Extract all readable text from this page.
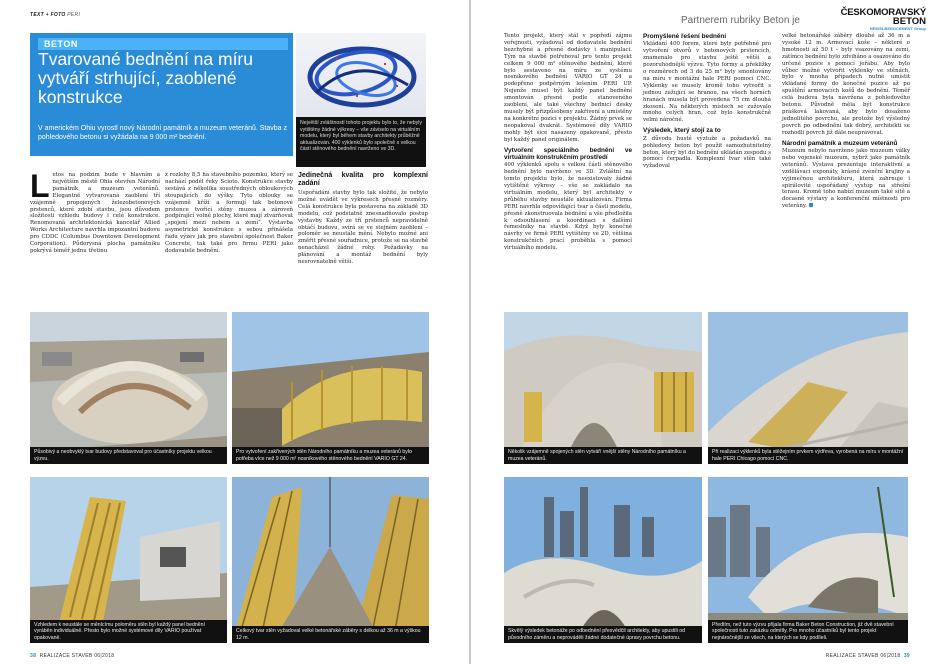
TEXT + FOTO PERI
BETON
Tvarované bednění na míru vytváří strhující, zaoblené konstrukce

V americkém Ohiu vyrostl nový Národní památník a muzeum veteránů. Stavba z pohledového betonu si vyžádala na 9 000 m² bednění.

Největší zvláštností tohoto projektu bylo to, že nebyly vytištěny žádné výkresy – vše záviselo na virtuálním modelu, který byl během stavby architekty průběžně aktualizován. 400 výklenků bylo společně s velkou částí stěnového bednění navrženo ve 3D.
Letos na podzim bude v hlavním a největším městě Ohia otevřen Národní památník a muzeum veteránů. Elegantně vytvarovaná zaoblení tří vzájemně propojených železobetonových prstenců, které zdobí stavbu, jsou důvodem složitosti vzhledu budovy i celé konstrukce. Renomovaná architektonická kancelář Allied Works Architecture navrhla impozantní budovu pro CDDC (Columbus Downtown Development Corporation). Půdorysná plocha památníku pokrývá téměř jednu třetinu
z rozlohy 8,5 ha stavebního pozemku, který se nachází podél řeky Scioto. Konstrukce stavby sestává z několika soustředných obloukových stoupajících do výšky. Tyto oblouky se vzájemně kříží a formují tak betonové prstence tvořící stěny muzea a zároveň podpírající volně plochy, které mají ztvárňovat „spojení mezi nebem a zemí“. Výstavba asymetrické konstrukce s sebou přinášela řadu výzev jak pro stavební společnost Baker Concrete, tak také pro firmu PERI jako dodavatele bednění.
Jedinečná kvalita pro komplexní zadání
Uspořádání stavby bylo tak složité, že nebylo možné uvádět ve výkresech přesné rozměry. Celá konstrukce byla postavena na základě 3D modelu, což podstatně znesnadňovalo postup výstavby. Každý ze tří prstenců nepravidelně obtáčí budovu, svírá se ve stejném zaoblení – poloměr se neustále mění. Nebylo možné ani změřit přesné souřadnice, protože se na stavbě nenacházel žádné rohy. Požadavky na plánování a montáž bednění byly nesrovnatelně větší.
Působivý a neobvyklý tvar budovy představoval pro účastníky projektu velkou výzvu.
Pro vytvoření zakřivených stěn Národního památníku a muzea veteránů bylo potřeba více než 9 000 m² nosníkového stěnového bednění VARIO GT 24.
Vzhledem k neustále se měnícímu poloměru stěn byl každý panel bednění vyráběn individuálně. Přesto bylo možné systémové díly VARIO používat opakovaně.
Celkový tvar stěn vyžadoval velké betonářské záběry s délkou až 36 m a výškou 12 m.
38 REALIZACE STAVEB 06|2018
Partnerem rubriky Beton je
ČESKOMORAVSKÝ
BETON
HEIDELBERGCEMENT Group
Tento projekt, který stál v popředí zájmu veřejnosti, vyžadoval od dodavatele bednění bezchybné a přesné dodávky i manipulaci. Tým na stavbě potřeboval pro tento projekt celkem 9 000 m² stěnového bednění, které bylo sestaveno na míru ze systému nosníkového bednění VARIO GT 24 a podepřeno podpěrným lešením PERI UP. Nejenže musel být každý panel bednění smontován přesně podle stanoveného zaoblení, ale také všechny bednicí desky musely být přizpůsobeny zakřivení a umístěny na konkrétní pozici v projektu. Žádný prvek se neopakoval dvakrát. Systémové díly VARIO mohly být sice nasazeny opakovaně, přesto byl každý panel originálem.
Vytvoření speciálního bednění ve virtuálním konstrukčním prostředí
400 výklenků spolu s velkou částí stěnového bednění bylo navrženo ve 3D. Zvláštní na tomto projektu bylo, že neexistovaly žádné vytištěné výkresy – vše se zakládalo na virtuálním modelu, který byl architekty v průběhu stavby neustále aktualizován. Firma PERI navrhla odpovídající tvar a části modelu, přesně zkonstruovala bednění a vše předložila k odsouhlasení a koordinaci s dalšími řemeslníky na stavbě. Když byly konečné návrhy ve firmě PERI vytištěny ve 2D, většina konstrukčních prací proběhla s pomocí virtuálního modelu.
Promyšlené řešení bednění
Vkládání 400 forem, které byly potřebné pro vytvoření otvorů v betonových prstencích, znamenalo pro stavbu ještě větší a pozoruhodnější výzvu. Tyto formy a překližky o rozměrech od 3 do 25 m² byly smontovány na míru v montážní hale PERI pomocí CNC. Výklenky se musely kromě toho vytvořit s jednou zužující se hranou, na všech horních hranách musela být provedena 75 cm dlouhá zkosení. Na některých místech se zužovalo mnoho celých hran, což bylo konstrukčně velmi náročné.
Výsledek, který stojí za to
Z důvodu husté výztuže a požadavků na pohledový beton byl použit samozhutnitelný beton, který byl do bednění ukládán zespodu s pomocí čerpadla. Komplexní tvar stěn také vyžadoval
velké betonářské záběry dlouhé až 36 m a vysoké 12 m. Armovací koše – některé o hmotnosti až 50 t – byly vsazovány na zemi, zatímco bednění bylo zdviháno a osazováno do určené pozice s pomocí jeřábu. Aby bylo vůbec možné vytvořit výklenky ve stěnách, bylo v mnoha případech nutné umístit vkládané formy do konečné pozice až po spuštění armovacích košů do bednění. Téměř celá budova byla navržena z pohledového betonu. Původně měla být konstrukce prášková lakovaná, aby bylo dosaženo jednolitého povrchu, ale protože byl výsledný povrch po odbednění tak dobrý, architekti se rozhodli povrch již dále neupravovat.
Národní památník a muzeum veteránů
Muzeum nebylo navrženo jako muzeum války nebo vojenské muzeum, nýbrž jako památník veteránů. Výstava prezentuje interaktivní a vzdělávací exponáty, krásné zvenční krajiny a výjimečnou architekturu, která zahrnuje i spirálovité uspořádaný výstup na střešní terasu. Kromě toho nabízí muzeum také sítě a docasné výstavy a konferenční místnosti pro veterány.
Několik vzájemně spojených stěn vytváří vnější stěny Národního památníku a muzea veteránů.
Při realizaci výklenků byla stěžejním prvkem výdřeva, vyrobená na míru v montážní hale PERI Chicago pomocí CNC.
Skvělý výsledek betonáže po odbednění přesvědčil architekty, aby upustili od původního záměru a neprováděli žádné dodatečné úpravy povrchu betonu.
Předtím, než tuto výzvu přijala firma Baker Beton Construction, již dvě stavební společnosti tuto zakázku odmítly. Pro mnoho účastníků byl tento projekt nejnáročnější ze všech, na kterých se kdy podíleli.
REALIZACE STAVEB 06|2018 39
